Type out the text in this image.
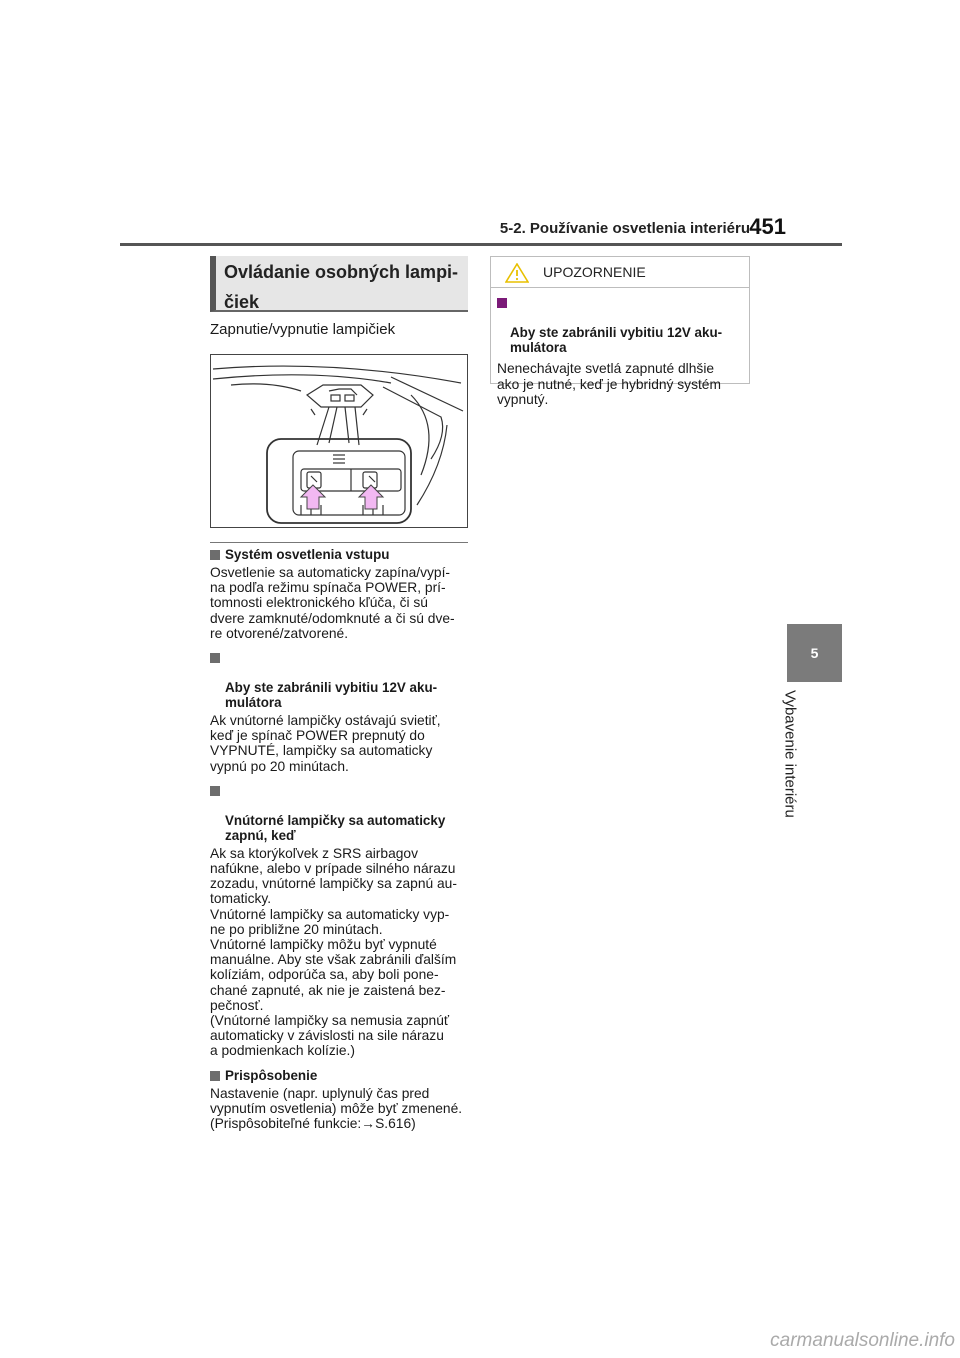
5-2. Používanie osvetlenia interiéru 451
5
Vybavenie interiéru
Ovládanie osobných lampi-
čiek
Zapnutie/vypnutie lampičiek
Systém osvetlenia vstupu
Osvetlenie sa automaticky zapína/vypí-
na podľa režimu spínača POWER, prí-
tomnosti elektronického kľúča, či sú
dvere zamknuté/odomknuté a či sú dve-
re otvorené/zatvorené.

Aby ste zabránili vybitiu 12V aku-
mulátora

Ak vnútorné lampičky ostávajú svietiť,
keď je spínač POWER prepnutý do
VYPNUTÉ, lampičky sa automaticky
vypnú po 20 minútach.

Vnútorné lampičky sa automaticky
zapnú, keď

Ak sa ktorýkoľvek z SRS airbagov
nafúkne, alebo v prípade silného nárazu
zozadu, vnútorné lampičky sa zapnú au-
tomaticky.
Vnútorné lampičky sa automaticky vyp-
ne po približne 20 minútach.
Vnútorné lampičky môžu byť vypnuté
manuálne. Aby ste však zabránili ďalším
kolíziám, odporúča sa, aby boli pone-
chané zapnuté, ak nie je zaistená bez-
pečnosť.
(Vnútorné lampičky sa nemusia zapnúť
automaticky v závislosti na sile nárazu
a podmienkach kolízie.)
Prispôsobenie
Nastavenie (napr. uplynulý čas pred
vypnutím osvetlenia) môže byť zmenené.
(Prispôsobiteľné funkcie:→S.616)
UPOZORNENIE

Aby ste zabránili vybitiu 12V aku-
mulátora

Nenechávajte svetlá zapnuté dlhšie
ako je nutné, keď je hybridný systém
vypnutý.
carmanualsonline.info
